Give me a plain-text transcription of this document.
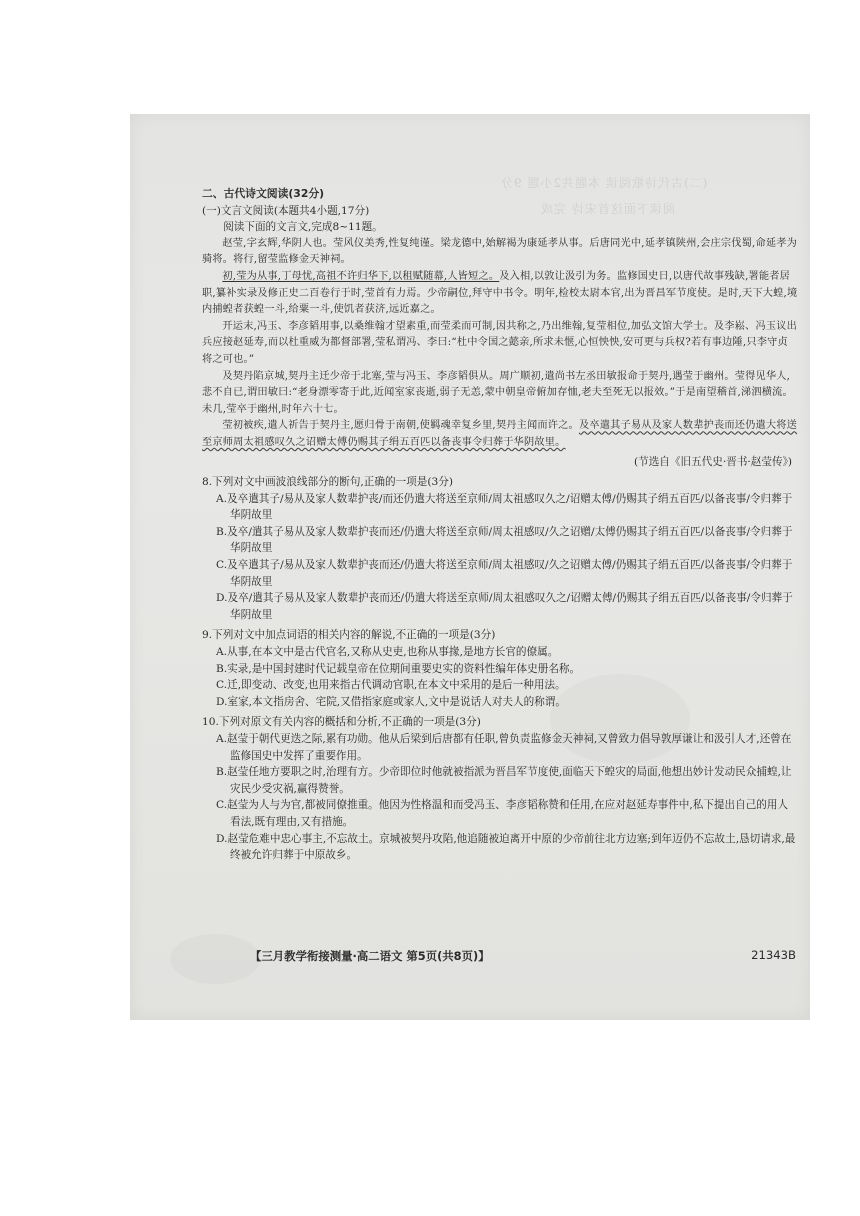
(二)古代诗歌阅读 本题共2小题 9分
阅读下面这首宋诗 完成

二、古代诗文阅读(32分)

(一)文言文阅读(本题共4小题,17分)

阅读下面的文言文,完成8~11题。

赵莹,字玄辉,华阴人也。莹风仪美秀,性复纯谨。梁龙德中,始解褐为康延孝从事。后唐同光中,延孝镇陕州,会庄宗伐蜀,命延孝为骑将。将行,留莹监修金天神祠。

初,莹为从事,丁母忧,高祖不许归华下,以租赋随幕,人皆短之。及入相,以敦让汲引为务。监修国史日,以唐代故事残缺,署能者居职,纂补实录及修正史二百卷行于时,莹首有力焉。少帝嗣位,拜守中书令。明年,检校太尉本官,出为晋昌军节度使。是时,天下大蝗,境内捕蝗者获蝗一斗,给粟一斗,使饥者获济,远近嘉之。

开运末,冯玉、李彦韬用事,以桑维翰才望素重,而莹柔而可制,因共称之,乃出维翰,复莹相位,加弘文馆大学士。及李崧、冯玉议出兵应接赵延寿,而以杜重威为都督部署,莹私谓冯、李曰:“杜中令国之懿亲,所求未惬,心恒怏怏,安可更与兵权?若有事边陲,只李守贞将之可也。”

及契丹陷京城,契丹主迁少帝于北塞,莹与冯玉、李彦韬俱从。周广顺初,遣尚书左丞田敏报命于契丹,遇莹于幽州。莹得见华人,悲不自已,谓田敏曰:“老身漂零寄于此,近闻室家丧逝,弱子无恙,蒙中朝皇帝俯加存恤,老夫至死无以报效。”于是南望稽首,涕泗横流。未几,莹卒于幽州,时年六十七。

莹初被疾,遣人祈告于契丹主,愿归骨于南朝,使羁魂幸复乡里,契丹主闻而许之。及卒遣其子易从及家人数辈护丧而还仍遣大将送至京师周太祖感叹久之诏赠太傅仍赐其子绢五百匹以备丧事令归葬于华阴故里。

(节选自《旧五代史·晋书·赵莹传》)

8.下列对文中画波浪线部分的断句,正确的一项是(3分)

A.及卒遣其子/易从及家人数辈护丧/而还仍遣大将送至京师/周太祖感叹久之/诏赠太傅/仍赐其子绢五百匹/以备丧事/令归葬于华阴故里

B.及卒/遣其子易从及家人数辈护丧而还/仍遣大将送至京师/周太祖感叹/久之诏赠/太傅仍赐其子绢五百匹/以备丧事/令归葬于华阴故里

C.及卒遣其子/易从及家人数辈护丧而还/仍遣大将送至京师/周太祖感叹/久之诏赠太傅/仍赐其子绢五百匹/以备丧事/令归葬于华阴故里

D.及卒/遣其子易从及家人数辈护丧而还/仍遣大将送至京师/周太祖感叹久之/诏赠太傅/仍赐其子绢五百匹/以备丧事/令归葬于华阴故里

9.下列对文中加点词语的相关内容的解说,不正确的一项是(3分)

A.从事,在本文中是古代官名,又称从史吏,也称从事掾,是地方长官的僚属。

B.实录,是中国封建时代记载皇帝在位期间重要史实的资料性编年体史册名称。

C.迁,即变动、改变,也用来指古代调动官职,在本文中采用的是后一种用法。

D.室家,本文指房舍、宅院,又借指家庭或家人,文中是说话人对夫人的称谓。

10.下列对原文有关内容的概括和分析,不正确的一项是(3分)

A.赵莹于朝代更迭之际,累有功勋。他从后梁到后唐都有任职,曾负责监修金天神祠,又曾致力倡导敦厚谦让和汲引人才,还曾在监修国史中发挥了重要作用。

B.赵莹任地方要职之时,治理有方。少帝即位时他就被指派为晋昌军节度使,面临天下蝗灾的局面,他想出妙计发动民众捕蝗,让灾民少受灾祸,赢得赞誉。

C.赵莹为人与为官,都被同僚推重。他因为性格温和而受冯玉、李彦韬称赞和任用,在应对赵延寿事件中,私下提出自己的用人看法,既有理由,又有措施。

D.赵莹危难中忠心事主,不忘故土。京城被契丹攻陷,他追随被迫离开中原的少帝前往北方边塞;到年迈仍不忘故土,恳切请求,最终被允许归葬于中原故乡。

【三月教学衔接测量·高二语文 第5页(共8页)】	21343B
